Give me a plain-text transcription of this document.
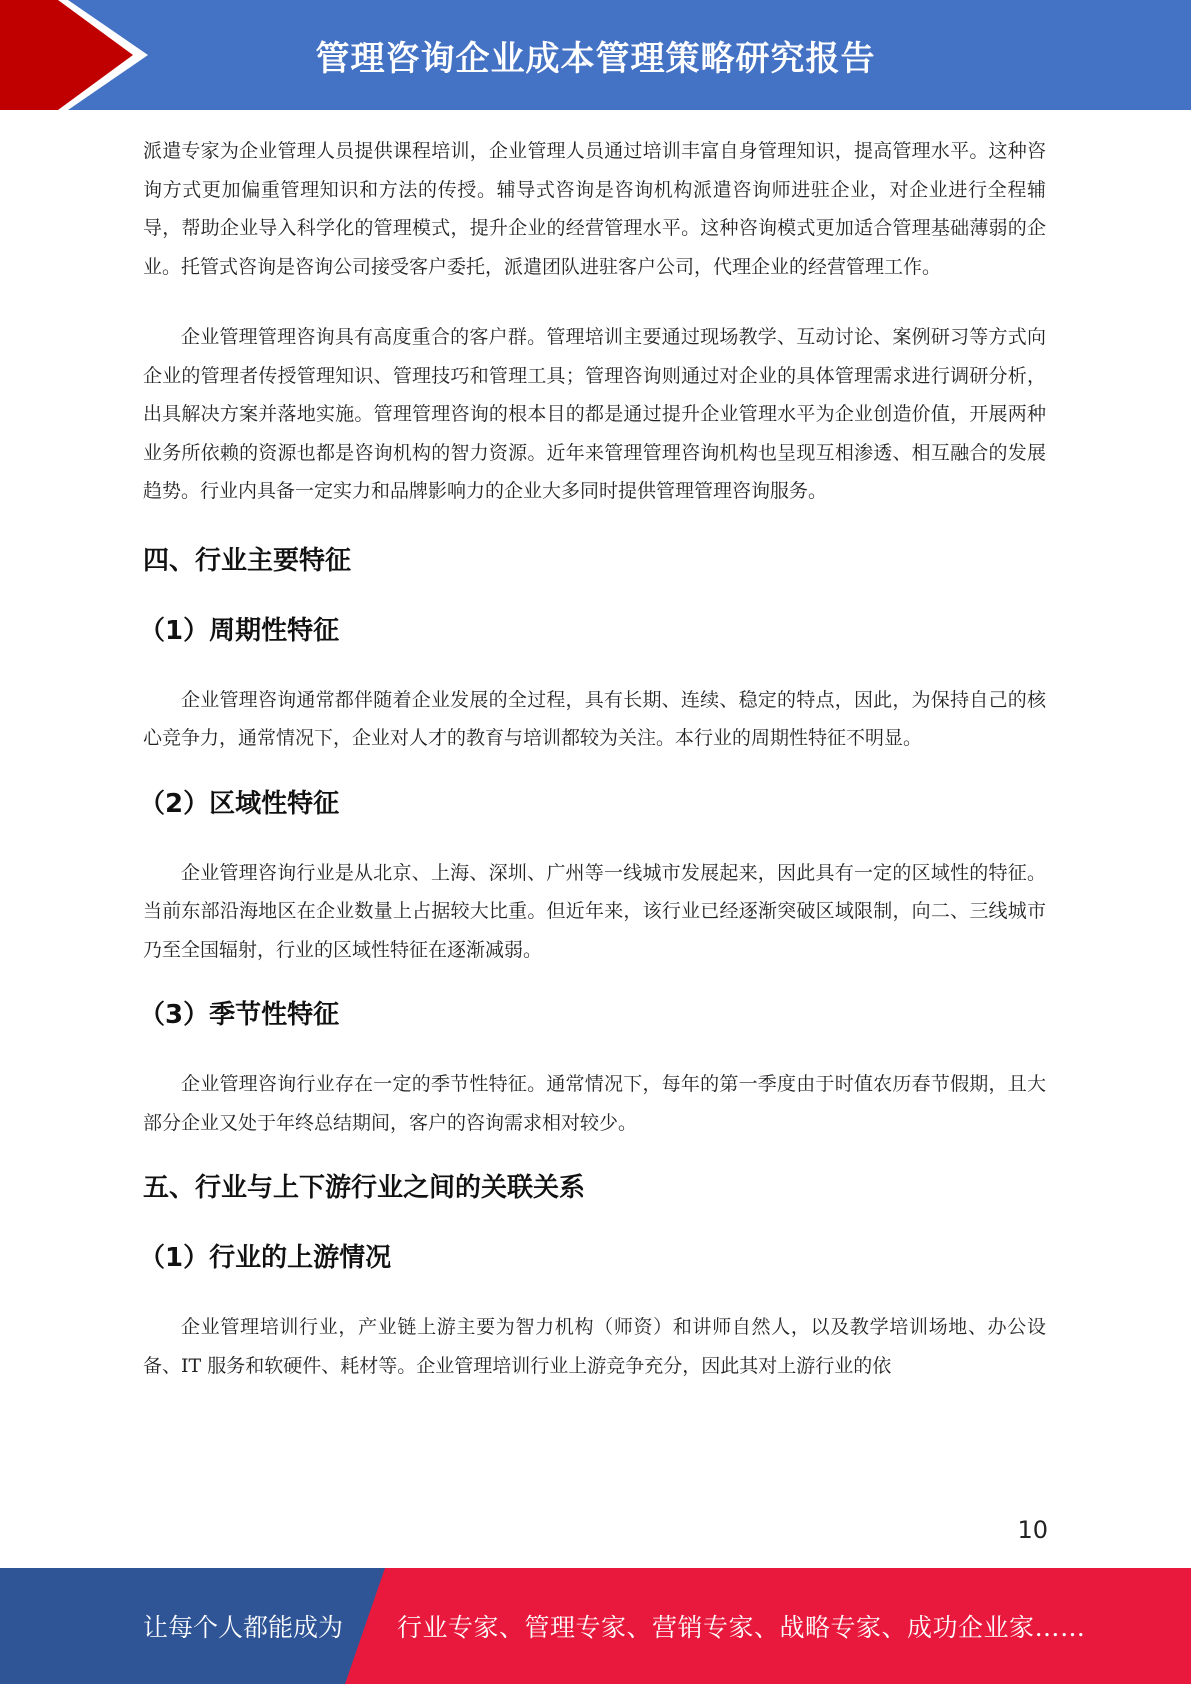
管理咨询企业成本管理策略研究报告

派遣专家为企业管理人员提供课程培训，企业管理人员通过培训丰富自身管理知识，提高管理水平。这种咨询方式更加偏重管理知识和方法的传授。辅导式咨询是咨询机构派遣咨询师进驻企业，对企业进行全程辅导，帮助企业导入科学化的管理模式，提升企业的经营管理水平。这种咨询模式更加适合管理基础薄弱的企业。托管式咨询是咨询公司接受客户委托，派遣团队进驻客户公司，代理企业的经营管理工作。

企业管理管理咨询具有高度重合的客户群。管理培训主要通过现场教学、互动讨论、案例研习等方式向企业的管理者传授管理知识、管理技巧和管理工具；管理咨询则通过对企业的具体管理需求进行调研分析，出具解决方案并落地实施。管理管理咨询的根本目的都是通过提升企业管理水平为企业创造价值，开展两种业务所依赖的资源也都是咨询机构的智力资源。近年来管理管理咨询机构也呈现互相渗透、相互融合的发展趋势。行业内具备一定实力和品牌影响力的企业大多同时提供管理管理咨询服务。

四、行业主要特征
（1）周期性特征

企业管理咨询通常都伴随着企业发展的全过程，具有长期、连续、稳定的特点，因此，为保持自己的核心竞争力，通常情况下，企业对人才的教育与培训都较为关注。本行业的周期性特征不明显。

（2）区域性特征

企业管理咨询行业是从北京、上海、深圳、广州等一线城市发展起来，因此具有一定的区域性的特征。当前东部沿海地区在企业数量上占据较大比重。但近年来，该行业已经逐渐突破区域限制，向二、三线城市乃至全国辐射，行业的区域性特征在逐渐减弱。

（3）季节性特征

企业管理咨询行业存在一定的季节性特征。通常情况下，每年的第一季度由于时值农历春节假期，且大部分企业又处于年终总结期间，客户的咨询需求相对较少。

五、行业与上下游行业之间的关联关系
（1）行业的上游情况

企业管理培训行业，产业链上游主要为智力机构（师资）和讲师自然人，以及教学培训场地、办公设备、IT 服务和软硬件、耗材等。企业管理培训行业上游竞争充分，因此其对上游行业的依

10
让每个人都能成为 行业专家、管理专家、营销专家、战略专家、成功企业家……
